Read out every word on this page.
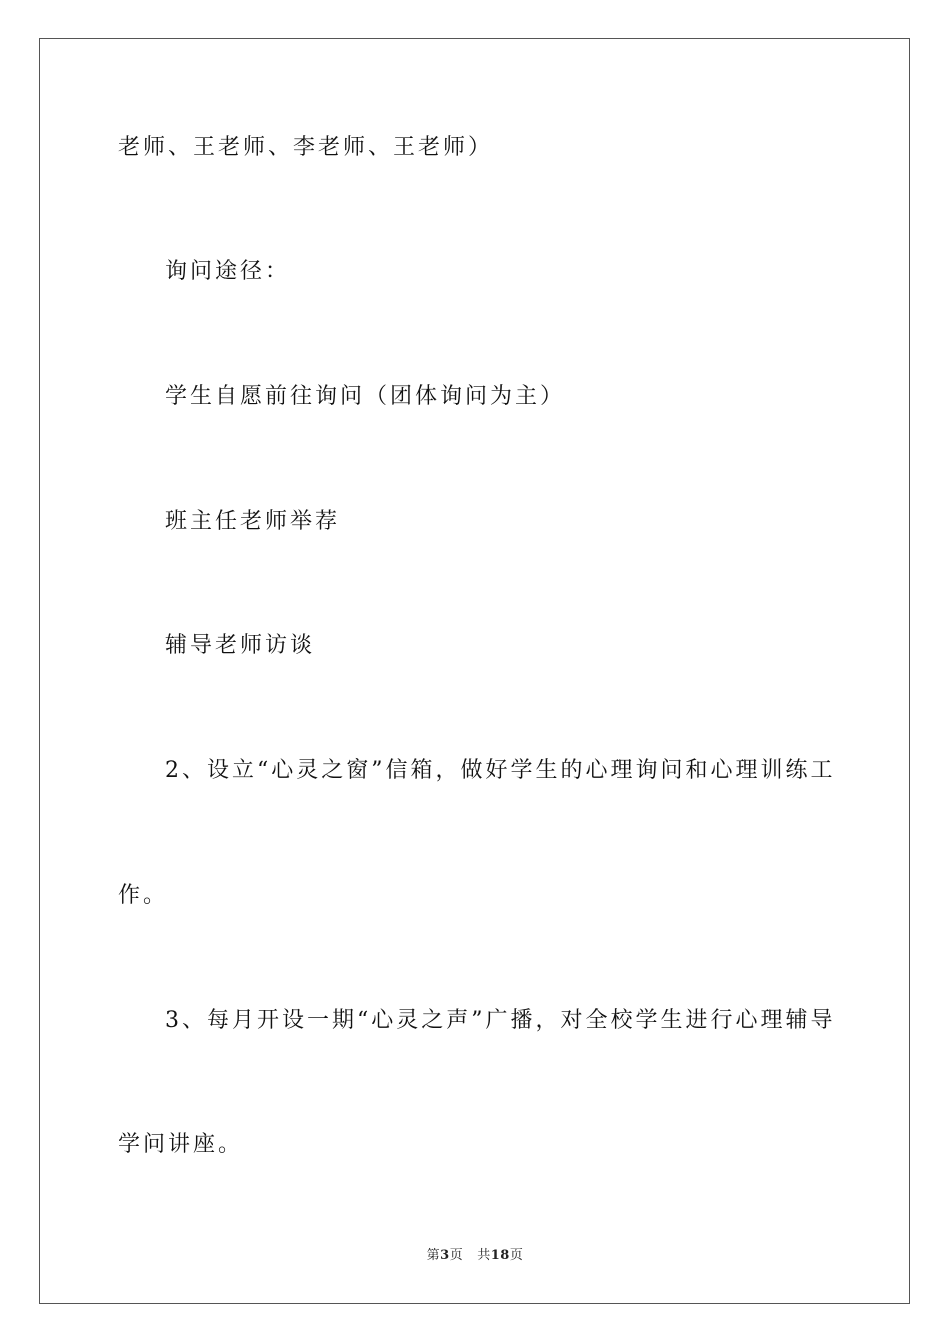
老师、王老师、李老师、王老师）
询问途径：
学生自愿前往询问（团体询问为主）
班主任老师举荐
辅导老师访谈
2、设立“心灵之窗”信箱，做好学生的心理询问和心理训练工
作。
3、每月开设一期“心灵之声”广播，对全校学生进行心理辅导
学问讲座。
第3页 共18页
